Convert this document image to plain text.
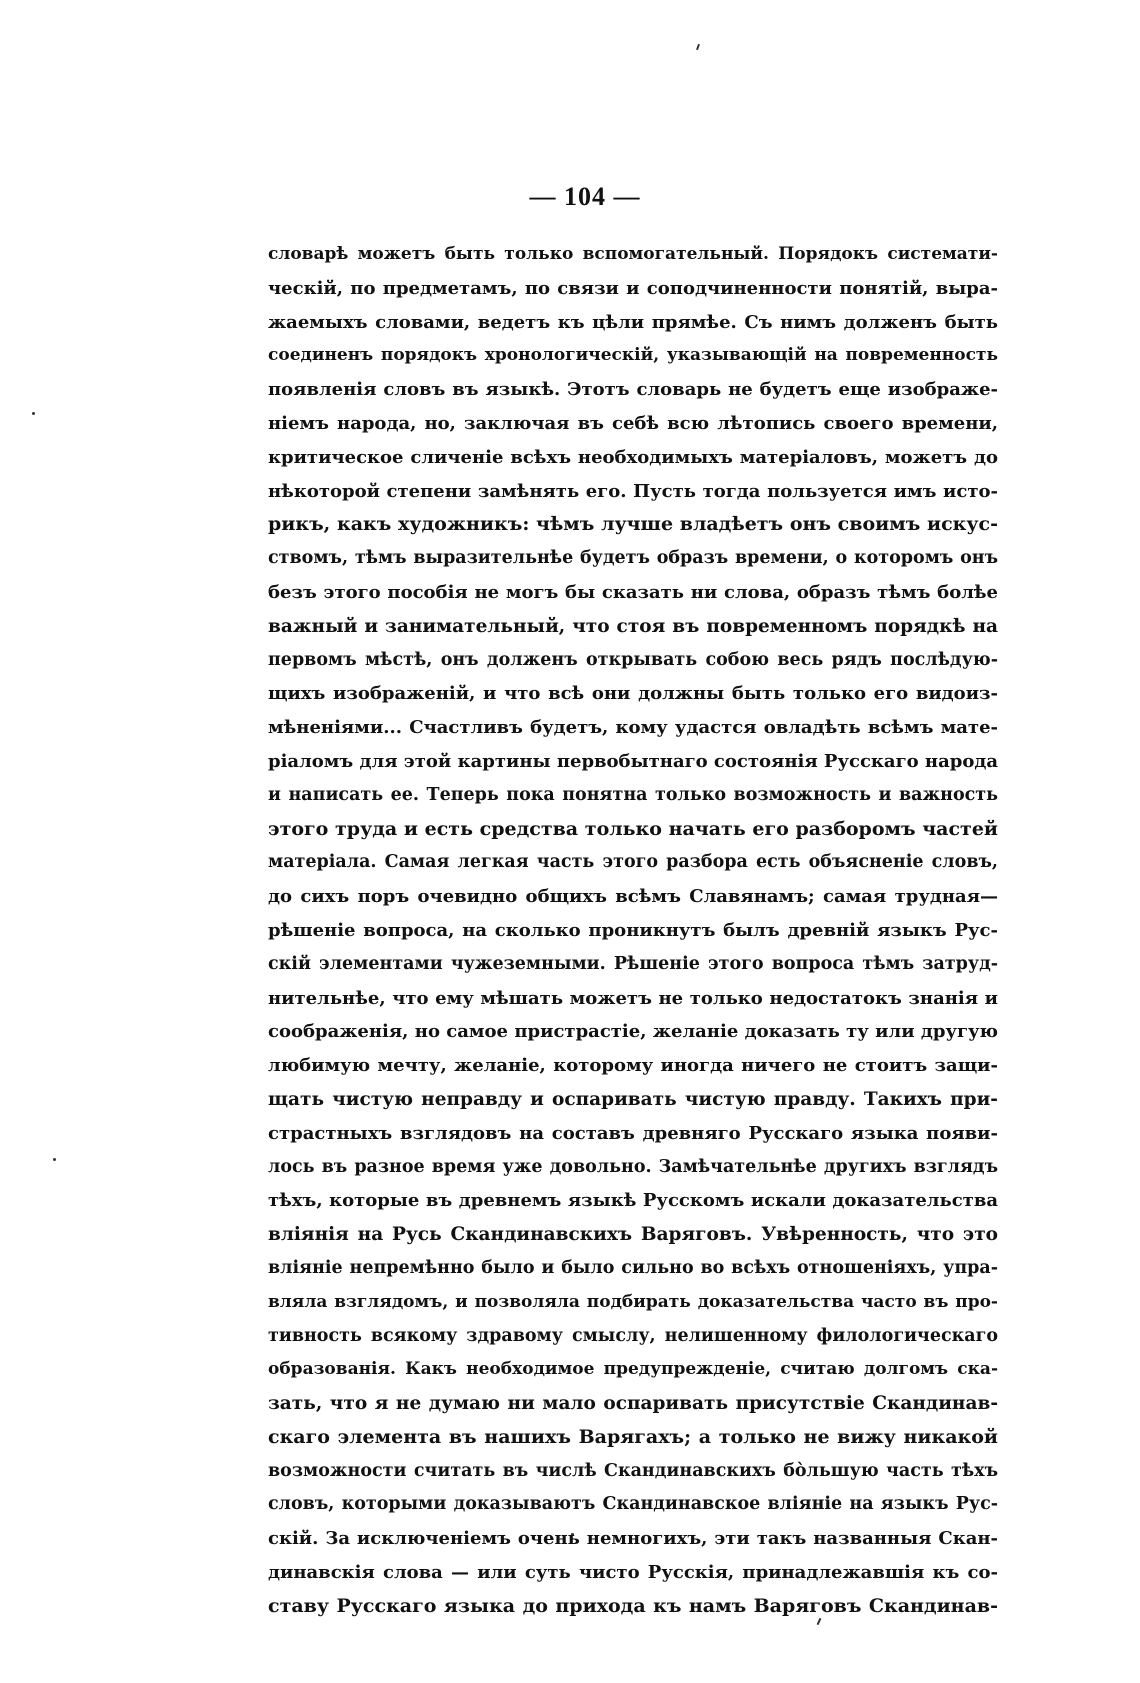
— 104 —
словарѣ можетъ быть только вспомогательный. Порядокъ системати-
ческій, по предметамъ, по связи и соподчиненности понятій, выра-
жаемыхъ словами, ведетъ къ цѣли прямѣе. Съ нимъ долженъ быть
соединенъ порядокъ хронологическій, указывающій на повременность
появленія словъ въ языкѣ. Этотъ словарь не будетъ еще изображе-
ніемъ народа, но, заключая въ себѣ всю лѣтопись своего времени,
критическое сличеніе всѣхъ необходимыхъ матеріаловъ, можетъ до
нѣкоторой степени замѣнять его. Пусть тогда пользуется имъ истo-
рикъ, какъ художникъ: чѣмъ лучше владѣетъ онъ своимъ искус-
ствомъ, тѣмъ выразительнѣе будетъ образъ времени, о которомъ онъ
безъ этого пособія не могъ бы сказать ни слова, образъ тѣмъ болѣе
важный и занимательный, что стоя въ повременномъ порядкѣ на
первомъ мѣстѣ, онъ долженъ открывать собою весь рядъ послѣдую-
щихъ изображеній, и что всѣ они должны быть только его видоиз-
мѣненіями... Счастливъ будетъ, кому удастся овладѣть всѣмъ мате-
ріаломъ для этой картины первобытнаго состоянія Русскаго народа
и написать ее. Теперь пока понятна только возможность и важность
этого труда и есть средства только начать его разборомъ частей
матеріала. Самая легкая часть этого разбора есть объясненіе словъ,
до сихъ поръ очевидно общихъ всѣмъ Славянамъ; самая трудная—
рѣшеніе вопроса, на сколько проникнутъ былъ древній языкъ Рус-
скій элементами чужеземными. Рѣшеніе этого вопроса тѣмъ затруд-
нительнѣе, что ему мѣшать можетъ не только недостатокъ знанія и
соображенія, но самое пристрастіе, желаніе доказать ту или другую
любимую мечту, желаніе, которому иногда ничего не стоитъ защи-
щать чистую неправду и оспаривать чистую правду. Такихъ при-
страстныхъ взглядовъ на составъ древняго Русскаго языка появи-
лось въ разное время уже довольно. Замѣчательнѣе другихъ взглядъ
тѣхъ, которые въ древнемъ языкѣ Русскомъ искали доказательства
вліянія на Русь Скандинавскихъ Варяговъ. Увѣренность, что это
вліяніе непремѣнно было и было сильно во всѣхъ отношеніяхъ, упра-
вляла взглядомъ, и позволяла подбирать доказательства часто въ про-
тивность всякому здравому смыслу, нелишенному филологическаго
образованія. Какъ необходимое предупрежденіе, считаю долгомъ ска-
зать, что я не думаю ни мало оспаривать присутствіе Скандинав-
скаго элемента въ нашихъ Варягахъ; а только не вижу никакой
возможности считать въ числѣ Скандинавскихъ бо̀льшую часть тѣхъ
словъ, которыми доказываютъ Скандинавское вліяніе на языкъ Рус-
скій. За исключеніемъ очень немногихъ, эти такъ названныя Скан-
динавскія слова — или суть чисто Русскія, принадлежавшія къ со-
ставу Русскаго языка до прихода къ намъ Варяговъ Скандинав-
